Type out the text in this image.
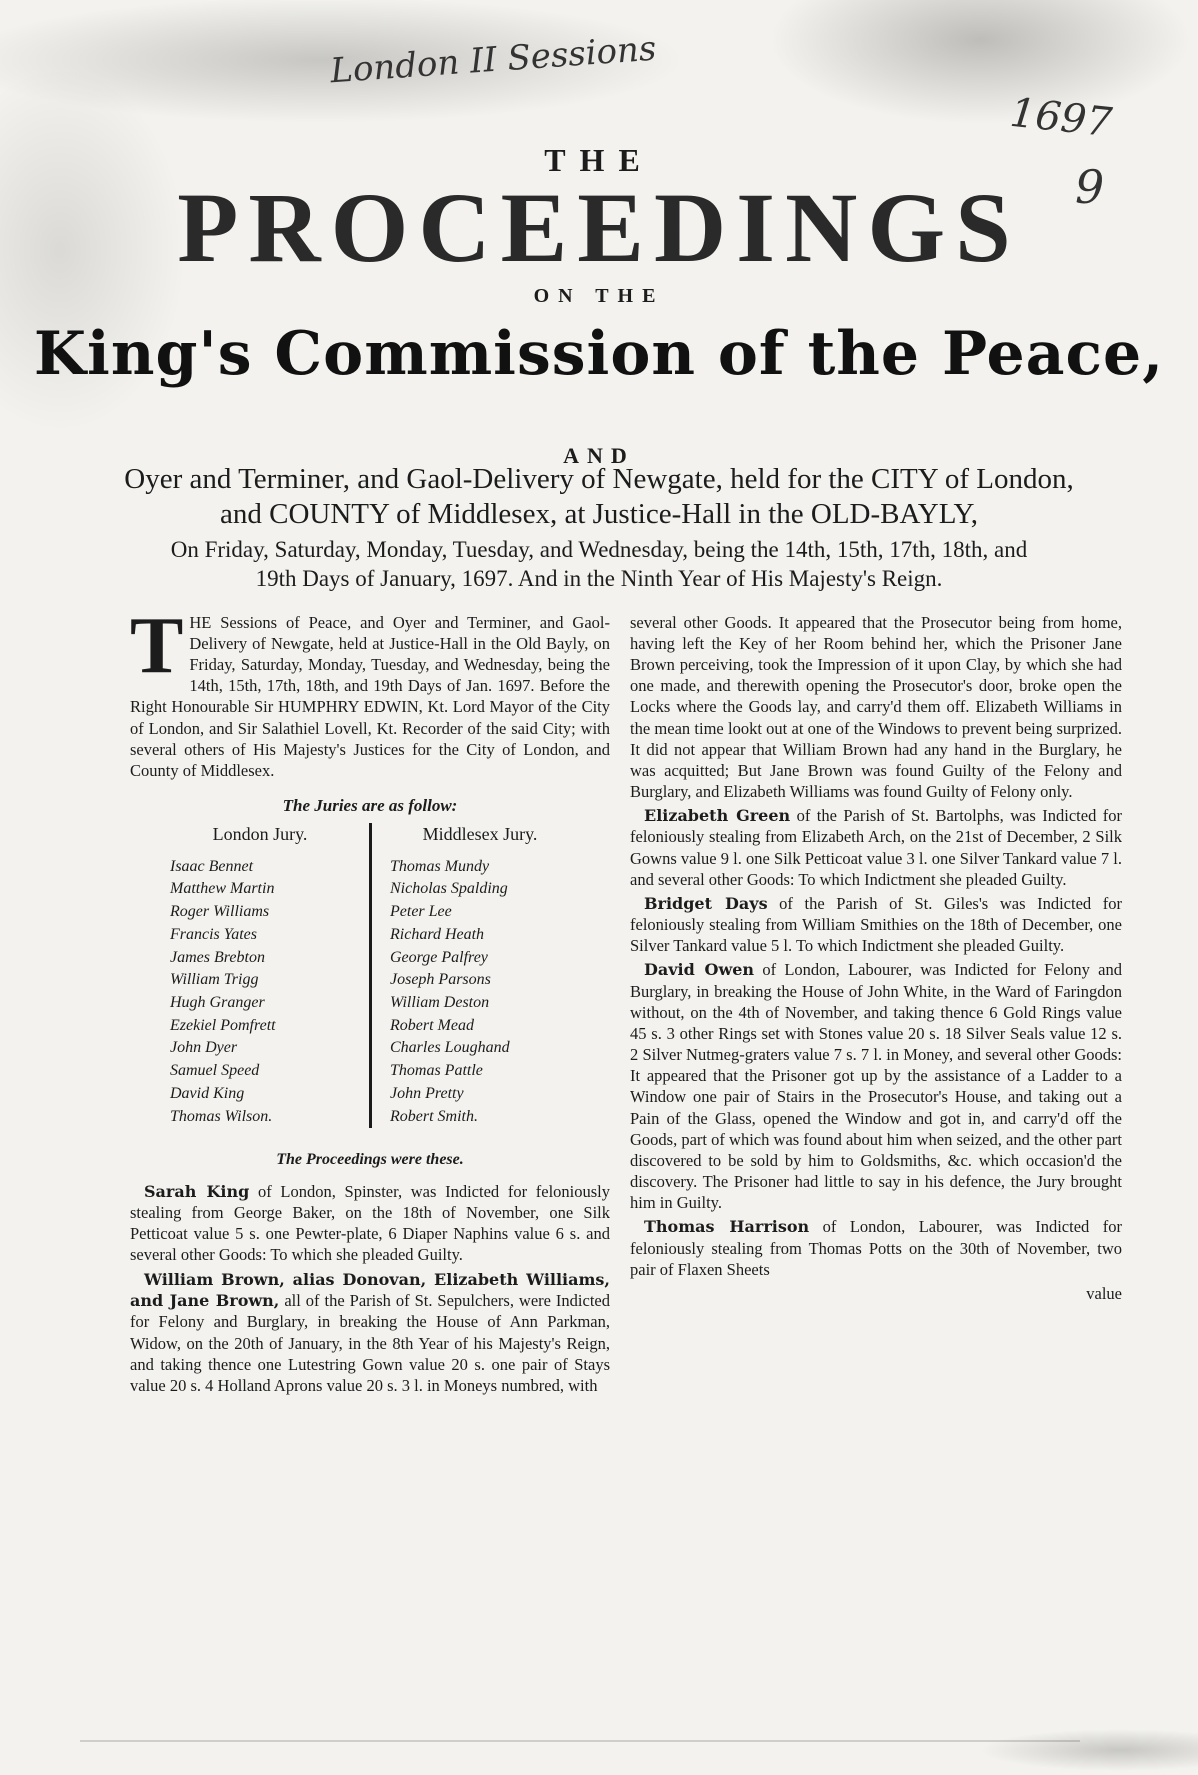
London II Sessions
1697
9
THE
PROCEEDINGS
ON THE
King's Commission of the Peace,
AND
Oyer and Terminer, and Gaol-Delivery of Newgate, held for the CITY of London,
and COUNTY of Middlesex, at Justice-Hall in the OLD-BAYLY,
On Friday, Saturday, Monday, Tuesday, and Wednesday, being the 14th, 15th, 17th, 18th, and
19th Days of January, 1697. And in the Ninth Year of His Majesty's Reign.

THE Sessions of Peace, and Oyer and Terminer, and Gaol-Delivery of Newgate, held at Justice-Hall in the Old Bayly, on Friday, Saturday, Monday, Tuesday, and Wednesday, being the 14th, 15th, 17th, 18th, and 19th Days of Jan. 1697. Before the Right Honourable Sir HUMPHRY EDWIN, Kt. Lord Mayor of the City of London, and Sir Salathiel Lovell, Kt. Recorder of the said City; with several others of His Majesty's Justices for the City of London, and County of Middlesex.

The Juries are as follow:
London Jury.
Isaac Bennet
Matthew Martin
Roger Williams
Francis Yates
James Brebton
William Trigg
Hugh Granger
Ezekiel Pomfrett
John Dyer
Samuel Speed
David King
Thomas Wilson.
Middlesex Jury.
Thomas Mundy
Nicholas Spalding
Peter Lee
Richard Heath
George Palfrey
Joseph Parsons
William Deston
Robert Mead
Charles Loughand
Thomas Pattle
John Pretty
Robert Smith.
The Proceedings were these.

Sarah King of London, Spinster, was Indicted for feloniously stealing from George Baker, on the 18th of November, one Silk Petticoat value 5 s. one Pewter-plate, 6 Diaper Naphins value 6 s. and several other Goods: To which she pleaded Guilty.

William Brown, alias Donovan, Elizabeth Williams, and Jane Brown, all of the Parish of St. Sepulchers, were Indicted for Felony and Burglary, in breaking the House of Ann Parkman, Widow, on the 20th of January, in the 8th Year of his Majesty's Reign, and taking thence one Lutestring Gown value 20 s. one pair of Stays value 20 s. 4 Holland Aprons value 20 s. 3 l. in Moneys numbred, with

several other Goods. It appeared that the Prosecutor being from home, having left the Key of her Room behind her, which the Prisoner Jane Brown perceiving, took the Impression of it upon Clay, by which she had one made, and therewith opening the Prosecutor's door, broke open the Locks where the Goods lay, and carry'd them off. Elizabeth Williams in the mean time lookt out at one of the Windows to prevent being surprized. It did not appear that William Brown had any hand in the Burglary, he was acquitted; But Jane Brown was found Guilty of the Felony and Burglary, and Elizabeth Williams was found Guilty of Felony only.

Elizabeth Green of the Parish of St. Bartolphs, was Indicted for feloniously stealing from Elizabeth Arch, on the 21st of December, 2 Silk Gowns value 9 l. one Silk Petticoat value 3 l. one Silver Tankard value 7 l. and several other Goods: To which Indictment she pleaded Guilty.

Bridget Days of the Parish of St. Giles's was Indicted for feloniously stealing from William Smithies on the 18th of December, one Silver Tankard value 5 l. To which Indictment she pleaded Guilty.

David Owen of London, Labourer, was Indicted for Felony and Burglary, in breaking the House of John White, in the Ward of Faringdon without, on the 4th of November, and taking thence 6 Gold Rings value 45 s. 3 other Rings set with Stones value 20 s. 18 Silver Seals value 12 s. 2 Silver Nutmeg-graters value 7 s. 7 l. in Money, and several other Goods: It appeared that the Prisoner got up by the assistance of a Ladder to a Window one pair of Stairs in the Prosecutor's House, and taking out a Pain of the Glass, opened the Window and got in, and carry'd off the Goods, part of which was found about him when seized, and the other part discovered to be sold by him to Goldsmiths, &c. which occasion'd the discovery. The Prisoner had little to say in his defence, the Jury brought him in Guilty.

Thomas Harrison of London, Labourer, was Indicted for feloniously stealing from Thomas Potts on the 30th of November, two pair of Flaxen Sheets

value
